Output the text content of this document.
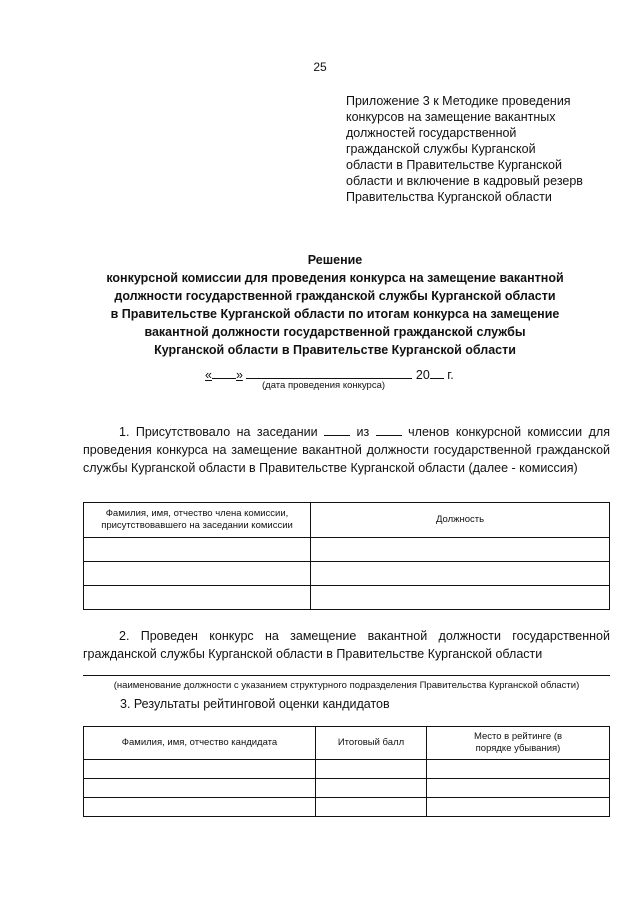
25
Приложение 3 к Методике проведения
конкурсов на замещение вакантных
должностей государственной
гражданской службы Курганской
области в Правительстве Курганской
области и включение в кадровый резерв
Правительства Курганской области
Решение
конкурсной комиссии для проведения конкурса на замещение вакантной
должности государственной гражданской службы Курганской области
в Правительстве Курганской области по итогам конкурса на замещение
вакантной должности государственной гражданской службы
Курганской области в Правительстве Курганской области
« »	20 г.
(дата проведения конкурса)
1. Присутствовало на заседании	из	членов конкурсной комиссии для проведения конкурса на замещение вакантной должности государственной гражданской службы Курганской области в Правительстве Курганской области (далее - комиссия)
Фамилия, имя, отчество члена комиссии, присутствовавшего на заседании комиссии	Должность

2. Проведен конкурс на замещение вакантной должности государственной гражданской службы Курганской области в Правительстве Курганской области
(наименование должности с указанием структурного подразделения Правительства Курганской области)
3. Результаты рейтинговой оценки кандидатов
Фамилия, имя, отчество кандидата	Итоговый балл	Место в рейтинге (в порядке убывания)
